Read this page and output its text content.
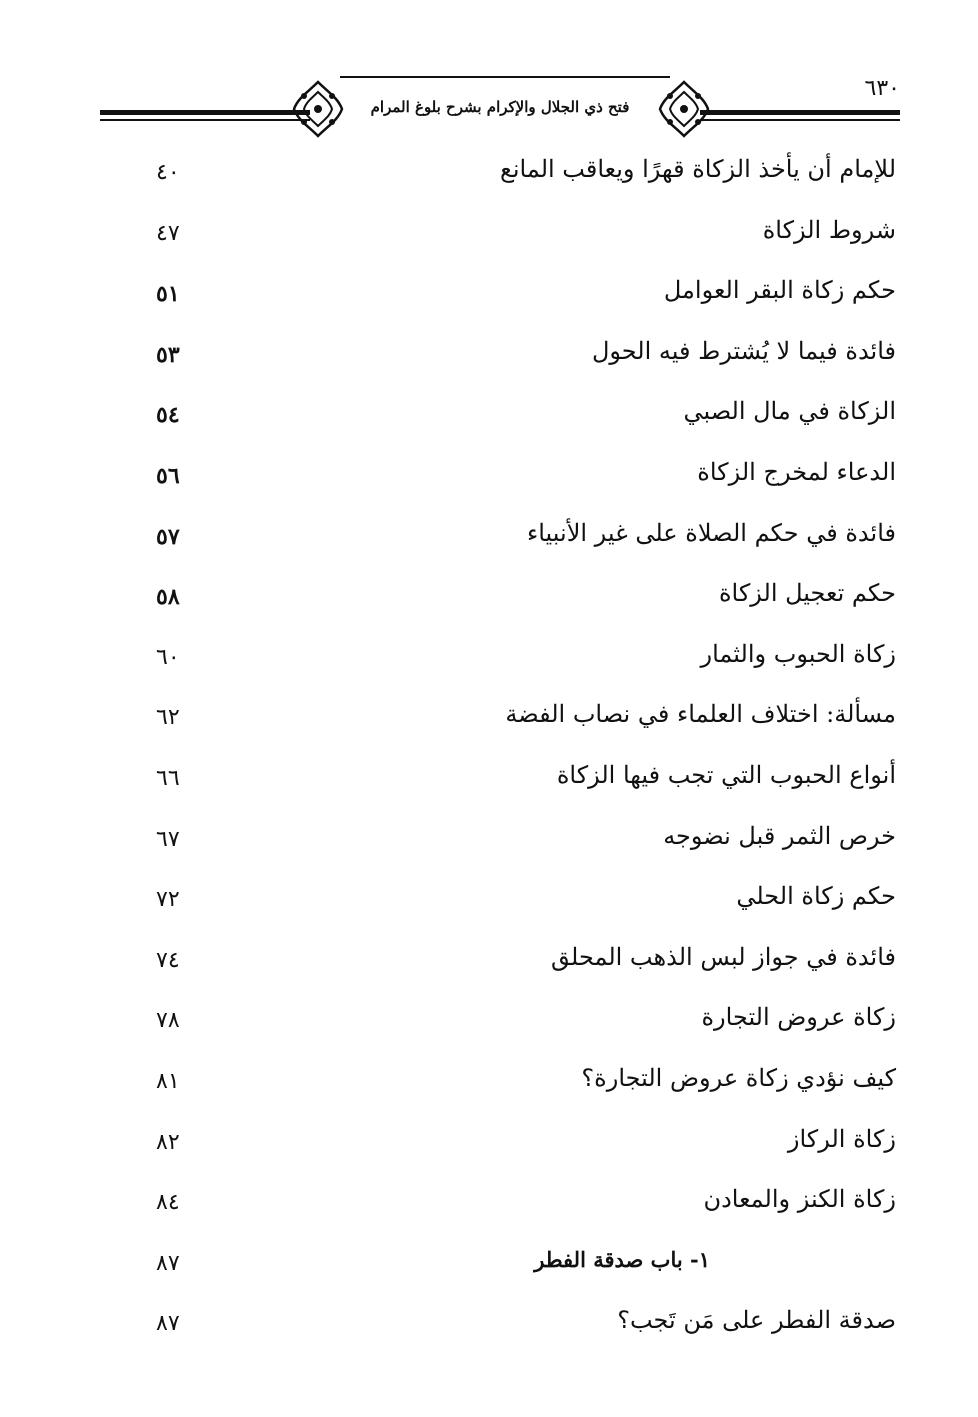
فتح ذي الجلال والإكرام بشرح بلوغ المرام
٦٣٠
للإمام أن يأخذ الزكاة قهرًا ويعاقب المانع
٤٠
شروط الزكاة
٤٧
حكم زكاة البقر العوامل
٥١
فائدة فيما لا يُشترط فيه الحول
٥٣
الزكاة في مال الصبي
٥٤
الدعاء لمخرج الزكاة
٥٦
فائدة في حكم الصلاة على غير الأنبياء
٥٧
حكم تعجيل الزكاة
٥٨
زكاة الحبوب والثمار
٦٠
مسألة: اختلاف العلماء في نصاب الفضة
٦٢
أنواع الحبوب التي تجب فيها الزكاة
٦٦
خرص الثمر قبل نضوجه
٦٧
حكم زكاة الحلي
٧٢
فائدة في جواز لبس الذهب المحلق
٧٤
زكاة عروض التجارة
٧٨
كيف نؤدي زكاة عروض التجارة؟
٨١
زكاة الركاز
٨٢
زكاة الكنز والمعادن
٨٤
١- باب صدقة الفطر
٨٧
صدقة الفطر على مَن تَجب؟
٨٧
